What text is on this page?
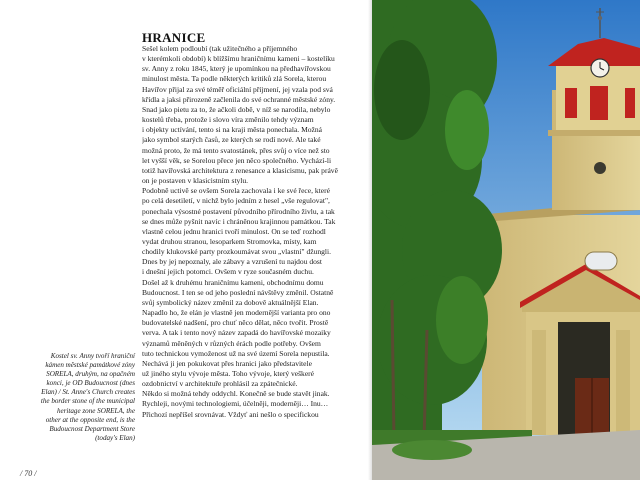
HRANICE
Sešel kolem podloubí (tak užitečného a příjemného
v kterémkoli období) k blížšímu hraničnímu kameni – kostelíku
sv. Anny z roku 1845, který je upomínkou na předhavířovskou
minulost města. Ta podle některých kritiků zlá Sorela, kterou
Havířov přijal za své téměř oficiální příjmení, jej vzala pod svá
křídla a jaksi přirozeně začlenila do své ochranné městské zóny.
Snad jako pietu za to, že ačkoli době, v níž se narodila, nebylo
kostelů třeba, protože i slovo víra změnilo tehdy význam
i objekty uctívání, tento si na kraji města ponechala. Možná
jako symbol starých časů, ze kterých se rodí nové. Ale také
možná proto, že má tento svatostánek, přes svůj o více než sto
let vyšší věk, se Sorelou přece jen něco společného. Vychází-li
totiž havířovská architektura z renesance a klasicismu, pak právě
on je postaven v klasicistním stylu.
Podobně uctivě se ovšem Sorela zachovala i ke své řece, které
po celá desetiletí, v nichž bylo jedním z hesel „vše regulovat",
ponechala výsostné postavení původního přírodního živlu, a tak
se dnes může pyšnit navíc i chráněnou krajinnou památkou. Tak
vlastně celou jednu hranici tvoří minulost. On se teď rozhodl
vydat druhou stranou, lesoparkem Stromovka, místy, kam
chodily klukovské party prozkoumávat svou „vlastní" džungli.
Dnes by jej nepoznaly, ale zábavy a vzrušení tu najdou dost
i dnešní jejich potomci. Ovšem v ryze současném duchu.
Došel až k druhému hraničnímu kameni, obchodnímu domu
Budoucnost. I ten se od jeho poslední návštěvy změnil. Ostatně
svůj symbolický název změnil za dobově aktuálnější Elan.
Napadlo ho, že elán je vlastně jen modernější varianta pro ono
budovatelské nadšení, pro chuť něco dělat, něco tvořit. Prostě
verva. A tak i tento nový název zapadá do havířovské mozaiky
významů měněných v různých érách podle potřeby. Ovšem
tuto technickou vymoženost už na své území Sorela nepustila.
Nechává ji jen pokukovat přes hranici jako představitele
už jiného stylu vývoje města. Toho vývoje, který veškeré
ozdobnictví v architektuře prohlásil za zpátečnické.
Někdo si možná tehdy oddychl. Konečně se bude stavět jinak.
Rychleji, novými technologiemi, účelněji, moderněji… Inu…
Přichozí nepříšel srovnávat. Vždyť ani nešlo o specifickou
Kostel sv. Anny tvoří hraniční
kámen městské památkové zóny
SORELA, druhým, na opačném
konci, je OD Budoucnost (dnes
Elan) / St. Anne's Church creates
the border stone of the municipal
heritage zone SORELA, the
other at the opposite end, is the
Budoucnost Department Store
(today's Elan)
/ 70 /
